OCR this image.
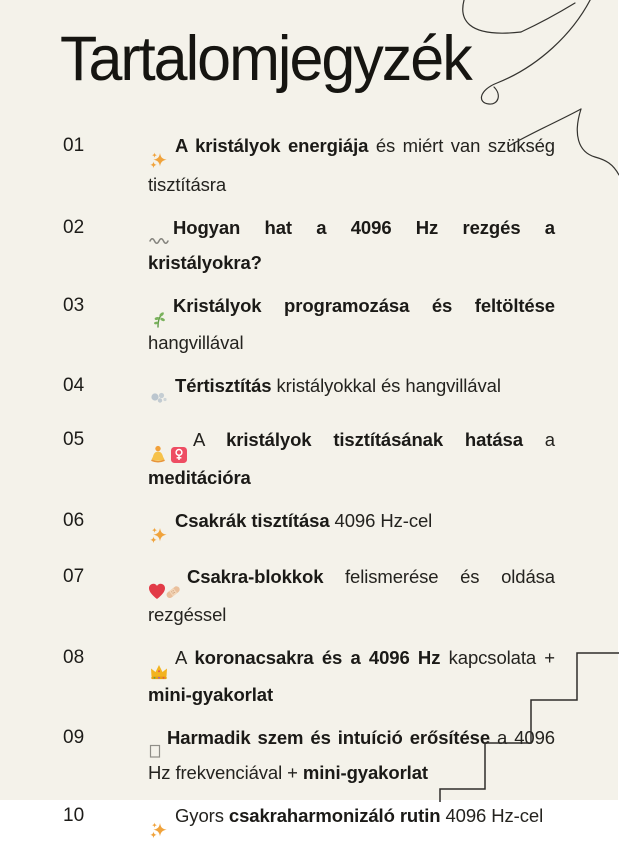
Tartalomjegyzék
01	A kristályok energiája és miért van szükség tisztításra
02	Hogyan hat a 4096 Hz rezgés a kristályokra?
03	Kristályok programozása és feltöltése hangvillával
04	Tértisztítás kristályokkal és hangvillával
05	A kristályok tisztításának hatása a meditációra
06	Csakrák tisztítása 4096 Hz-cel
07	Csakra-blokkok felismerése és oldása rezgéssel
08	A koronacsakra és a 4096 Hz kapcsolata + mini-gyakorlat
09	Harmadik szem és intuíció erősítése a 4096 Hz frekvenciával + mini-gyakorlat
10	Gyors csakraharmonizáló rutin 4096 Hz-cel
